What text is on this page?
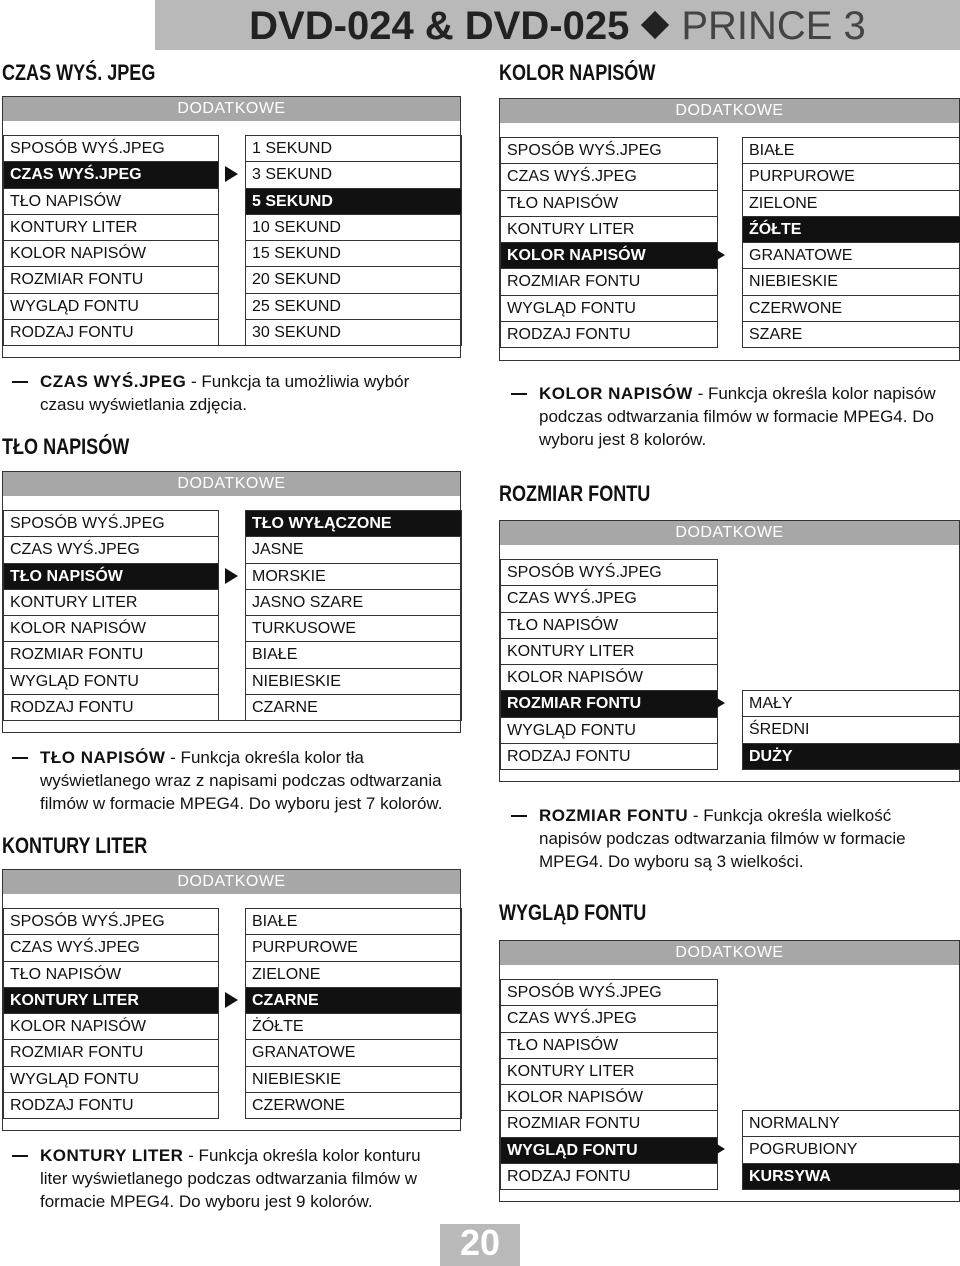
DVD-024 & DVD-025 PRINCE 3
CZAS WYŚ. JPEG
DODATKOWE
SPOSÓB WYŚ.JPEG
CZAS WYŚ.JPEG
TŁO NAPISÓW
KONTURY LITER
KOLOR NAPISÓW
ROZMIAR FONTU
WYGLĄD FONTU
RODZAJ FONTU
1 SEKUND
3 SEKUND
5 SEKUND
10 SEKUND
15 SEKUND
20 SEKUND
25 SEKUND
30 SEKUND
CZAS WYŚ.JPEG - Funkcja ta umożliwia wybór czasu wyświetlania zdjęcia.
TŁO NAPISÓW
DODATKOWE
SPOSÓB WYŚ.JPEG
CZAS WYŚ.JPEG
TŁO NAPISÓW
KONTURY LITER
KOLOR NAPISÓW
ROZMIAR FONTU
WYGLĄD FONTU
RODZAJ FONTU
TŁO WYŁĄCZONE
JASNE
MORSKIE
JASNO SZARE
TURKUSOWE
BIAŁE
NIEBIESKIE
CZARNE
TŁO NAPISÓW - Funkcja określa kolor tła wyświetlanego wraz z napisami podczas odtwarzania filmów w formacie MPEG4. Do wyboru jest 7 kolorów.
KONTURY LITER
DODATKOWE
SPOSÓB WYŚ.JPEG
CZAS WYŚ.JPEG
TŁO NAPISÓW
KONTURY LITER
KOLOR NAPISÓW
ROZMIAR FONTU
WYGLĄD FONTU
RODZAJ FONTU
BIAŁE
PURPUROWE
ZIELONE
CZARNE
ŻÓŁTE
GRANATOWE
NIEBIESKIE
CZERWONE
KONTURY LITER - Funkcja określa kolor konturu liter wyświetlanego podczas odtwarzania filmów w formacie MPEG4. Do wyboru jest 9 kolorów.
KOLOR NAPISÓW
DODATKOWE
SPOSÓB WYŚ.JPEG
CZAS WYŚ.JPEG
TŁO NAPISÓW
KONTURY LITER
KOLOR NAPISÓW
ROZMIAR FONTU
WYGLĄD FONTU
RODZAJ FONTU
BIAŁE
PURPUROWE
ZIELONE
ŹÓŁTE
GRANATOWE
NIEBIESKIE
CZERWONE
SZARE
KOLOR NAPISÓW - Funkcja określa kolor napisów podczas odtwarzania filmów w formacie MPEG4. Do wyboru jest 8 kolorów.
ROZMIAR FONTU
DODATKOWE
SPOSÓB WYŚ.JPEG
CZAS WYŚ.JPEG
TŁO NAPISÓW
KONTURY LITER
KOLOR NAPISÓW
ROZMIAR FONTU
WYGLĄD FONTU
RODZAJ FONTU
MAŁY
ŚREDNI
DUŻY
ROZMIAR FONTU - Funkcja określa wielkość napisów podczas odtwarzania filmów w formacie MPEG4. Do wyboru są 3 wielkości.
WYGLĄD FONTU
DODATKOWE
SPOSÓB WYŚ.JPEG
CZAS WYŚ.JPEG
TŁO NAPISÓW
KONTURY LITER
KOLOR NAPISÓW
ROZMIAR FONTU
WYGLĄD FONTU
RODZAJ FONTU
NORMALNY
POGRUBIONY
KURSYWA
20
